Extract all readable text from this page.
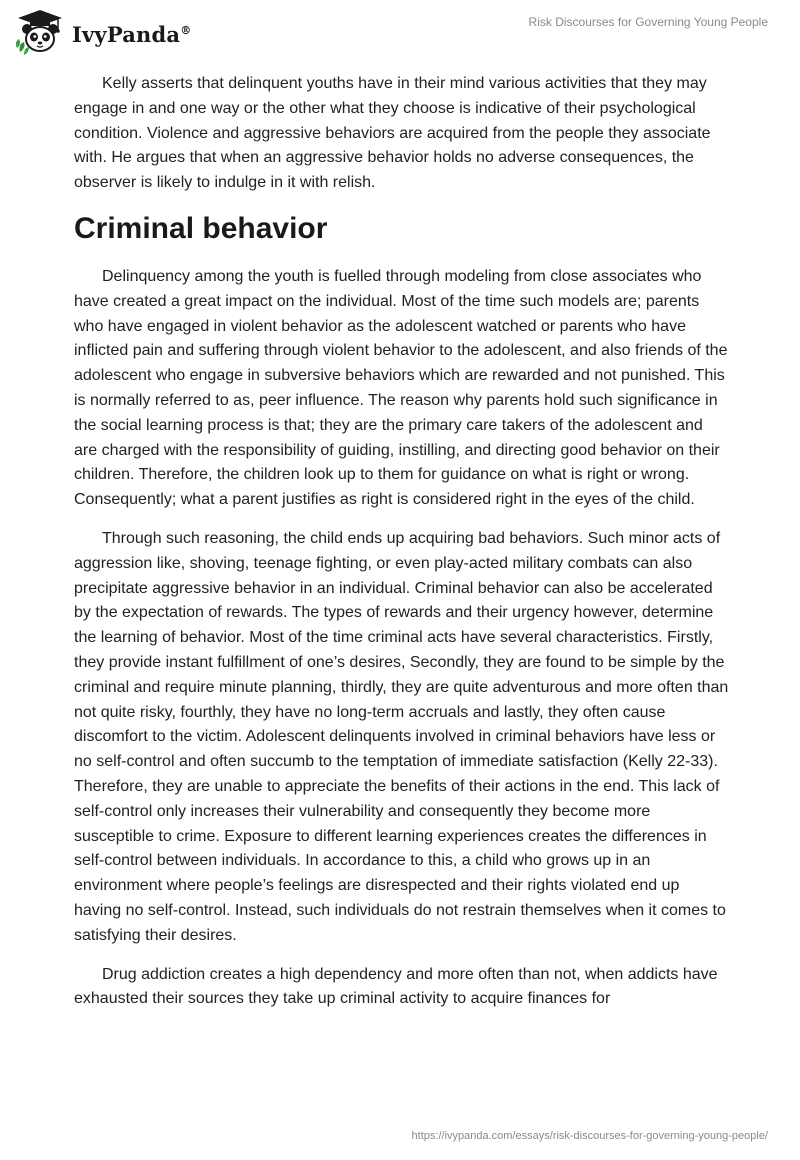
IvyPanda®
Risk Discourses for Governing Young People

Kelly asserts that delinquent youths have in their mind various activities that they may engage in and one way or the other what they choose is indicative of their psychological condition. Violence and aggressive behaviors are acquired from the people they associate with. He argues that when an aggressive behavior holds no adverse consequences, the observer is likely to indulge in it with relish.

Criminal behavior

Delinquency among the youth is fuelled through modeling from close associates who have created a great impact on the individual. Most of the time such models are; parents who have engaged in violent behavior as the adolescent watched or parents who have inflicted pain and suffering through violent behavior to the adolescent, and also friends of the adolescent who engage in subversive behaviors which are rewarded and not punished. This is normally referred to as, peer influence. The reason why parents hold such significance in the social learning process is that; they are the primary care takers of the adolescent and are charged with the responsibility of guiding, instilling, and directing good behavior on their children. Therefore, the children look up to them for guidance on what is right or wrong. Consequently; what a parent justifies as right is considered right in the eyes of the child.

Through such reasoning, the child ends up acquiring bad behaviors. Such minor acts of aggression like, shoving, teenage fighting, or even play-acted military combats can also precipitate aggressive behavior in an individual. Criminal behavior can also be accelerated by the expectation of rewards. The types of rewards and their urgency however, determine the learning of behavior. Most of the time criminal acts have several characteristics. Firstly, they provide instant fulfillment of one’s desires, Secondly, they are found to be simple by the criminal and require minute planning, thirdly, they are quite adventurous and more often than not quite risky, fourthly, they have no long-term accruals and lastly, they often cause discomfort to the victim. Adolescent delinquents involved in criminal behaviors have less or no self-control and often succumb to the temptation of immediate satisfaction (Kelly 22-33). Therefore, they are unable to appreciate the benefits of their actions in the end. This lack of self-control only increases their vulnerability and consequently they become more susceptible to crime. Exposure to different learning experiences creates the differences in self-control between individuals. In accordance to this, a child who grows up in an environment where people’s feelings are disrespected and their rights violated end up having no self-control. Instead, such individuals do not restrain themselves when it comes to satisfying their desires.

Drug addiction creates a high dependency and more often than not, when addicts have exhausted their sources they take up criminal activity to acquire finances for

https://ivypanda.com/essays/risk-discourses-for-governing-young-people/
